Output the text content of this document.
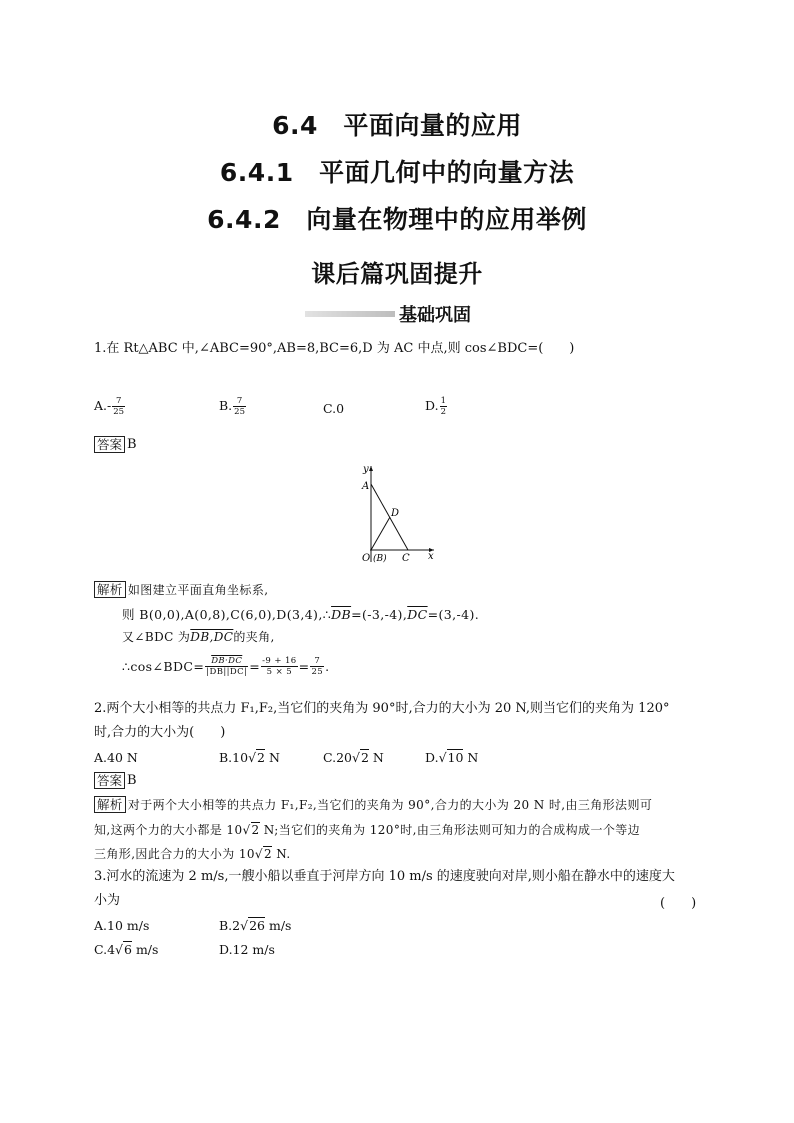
6.4　平面向量的应用
6.4.1　平面几何中的向量方法
6.4.2　向量在物理中的应用举例
课后篇巩固提升
基础巩固
1.在 Rt△ABC 中,∠ABC=90°,AB=8,BC=6,D 为 AC 中点,则 cos∠BDC=(　　)
$A.- \frac{7}{25}$	B. $\frac{7}{25}$	C.0	D. $\frac{1}{2}$
答案 B
y
x
A
D
O (B) C
解析 如图建立平面直角坐标系,
则 $B(0,0),A(0,8),C(6,0),D(3,4),\therefore\overline{DB}=(-3,-4),\overline{DC}=(3,-4)$.
又∠BDC 为DB,DC的夹角,
∴cos∠BDC= $\frac{DB\cdot DC}{|DB||DC|} = \frac{-9 + 16}{5 \times 5} = \frac{7}{25}$ .
2.两个大小相等的共点力 F₁,F₂,当它们的夹角为 90°时,合力的大小为 20 N,则当它们的夹角为 120°
时,合力的大小为(　　)
A.40 N	B.10√2 N	C.20√2 N	D.√10 N
答案 B
解析 对于两个大小相等的共点力 F₁,F₂,当它们的夹角为 90°,合力的大小为 20 N 时,由三角形法则可
知,这两个力的大小都是 10√2 N;当它们的夹角为 120°时,由三角形法则可知力的合成构成一个等边
三角形,因此合力的大小为 10√2 N.
3.河水的流速为 2 m/s,一艘小船以垂直于河岸方向 10 m/s 的速度驶向对岸,则小船在静水中的速度大
小为	(　　)
A.10 m/s	B.2√26 m/s
C.4√6 m/s	D.12 m/s
